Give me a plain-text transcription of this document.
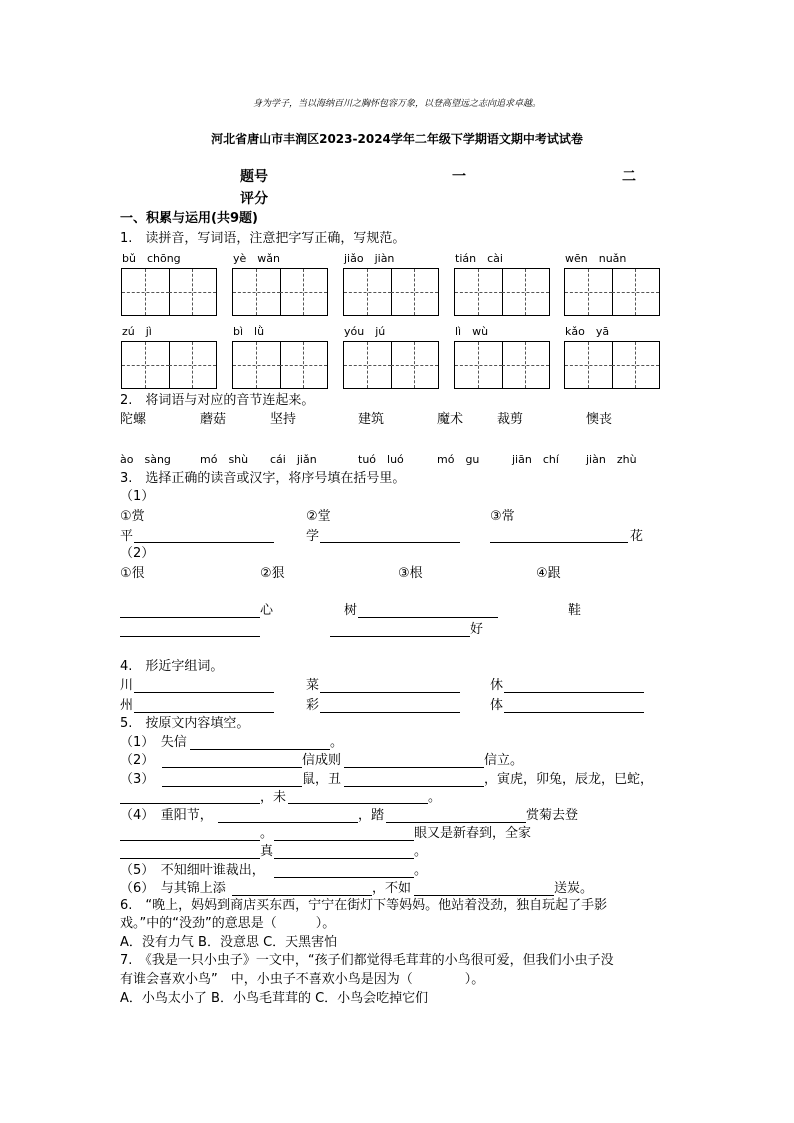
身为学子，当以海纳百川之胸怀包容万象，以登高望远之志向追求卓越。
河北省唐山市丰润区2023-2024学年二年级下学期语文期中考试试卷
题号	一	二
评分
一、积累与运用(共9题)
1.　读拼音，写词语，注意把字写正确，写规范。
bǔ　chōng	yè　wǎn	jiǎo　jiàn	tián　cài	wēn　nuǎn
zú　jì	bì　lǜ	yóu　jú	lì　wù	kǎo　yā
2.　将词语与对应的音节连起来。
陀螺	蘑菇	坚持	建筑	魔术	裁剪	懊丧
ào　sàng	mó　shù cái　jiǎn	tuó　luó	mó　gu	jiān　chí jiàn　zhù
3.　选择正确的读音或汉字，将序号填在括号里。
（1）
①赏	②堂	③常
平	学	花
（2）
①很	②狠	③根	④跟
心	树	鞋
好
4.　形近字组词。
川	菜	休
州	彩	体
5.　按原文内容填空。
（1）　失信	。
（2）	信成则	信立。
（3）	鼠，丑	，寅虎，卯兔，辰龙，巳蛇，
，未	。
（4）　重阳节，	，踏	赏菊去登
。	眼又是新春到，全家
真	。
（5）　不知细叶谁裁出，	。
（6）　与其锦上添	，不如	送炭。
6.　“晚上，妈妈到商店买东西，宁宁在街灯下等妈妈。他站着没劲，独自玩起了手影
戏。”中的“没劲”的意思是（　　　）。
A．没有力气 B．没意思 C．天黑害怕
7.　《我是一只小虫子》一文中，“孩子们都觉得毛茸茸的小鸟很可爱，但我们小虫子没
有谁会喜欢小鸟”　中，小虫子不喜欢小鸟是因为（　　　　）。
A．小鸟太小了 B．小鸟毛茸茸的 C．小鸟会吃掉它们
